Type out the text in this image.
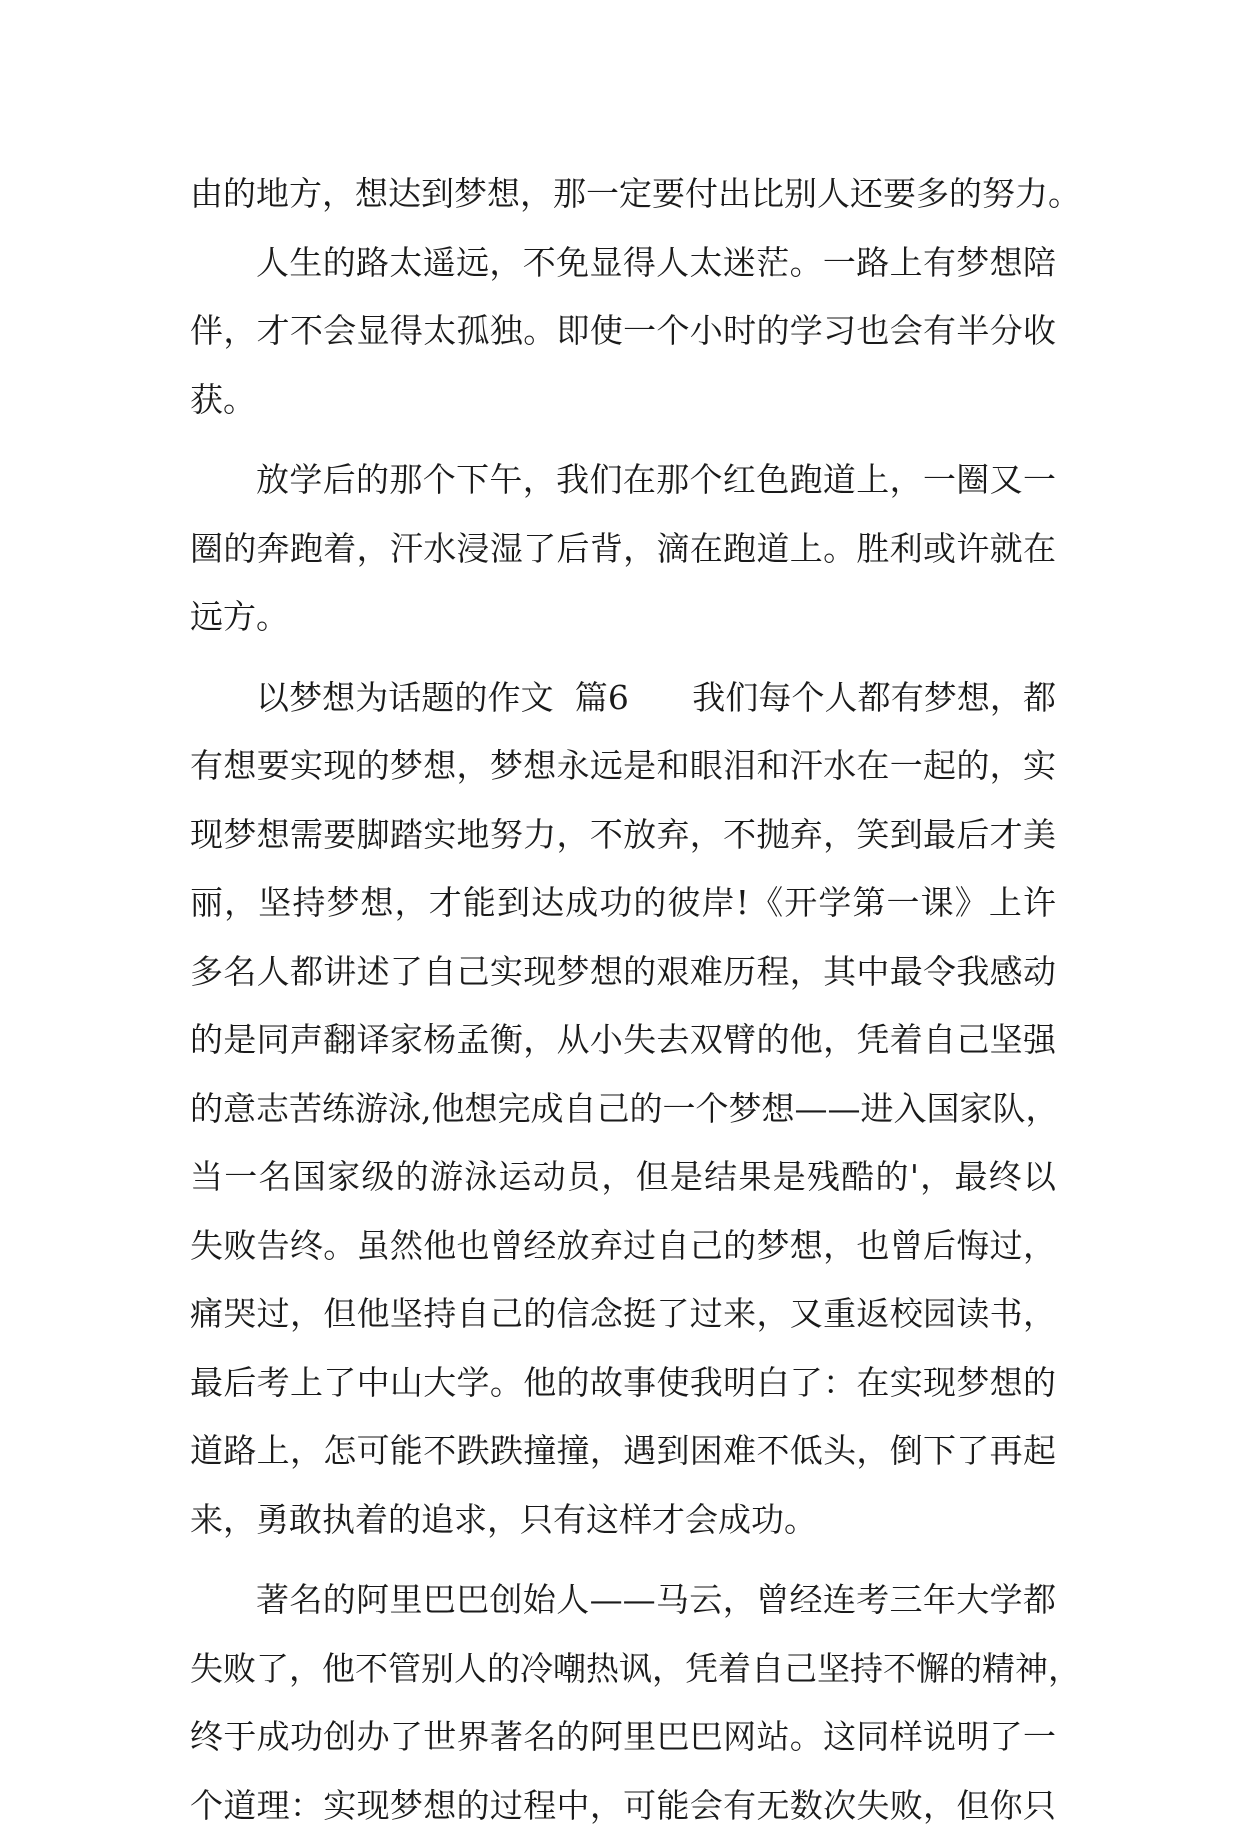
由的地方，想达到梦想，那一定要付出比别人还要多的努力。
人生的路太遥远，不免显得人太迷茫。一路上有梦想陪
伴，才不会显得太孤独。即使一个小时的学习也会有半分收
获。
放学后的那个下午，我们在那个红色跑道上，一圈又一
圈的奔跑着，汗水浸湿了后背，滴在跑道上。胜利或许就在
远方。
以梦想为话题的作文  篇6      我们每个人都有梦想，都
有想要实现的梦想，梦想永远是和眼泪和汗水在一起的，实
现梦想需要脚踏实地努力，不放弃，不抛弃，笑到最后才美
丽，坚持梦想，才能到达成功的彼岸!《开学第一课》上许
多名人都讲述了自己实现梦想的艰难历程，其中最令我感动
的是同声翻译家杨孟衡，从小失去双臂的他，凭着自己坚强
的意志苦练游泳,他想完成自己的一个梦想——进入国家队，
当一名国家级的游泳运动员，但是结果是残酷的'，最终以
失败告终。虽然他也曾经放弃过自己的梦想，也曾后悔过，
痛哭过，但他坚持自己的信念挺了过来，又重返校园读书，
最后考上了中山大学。他的故事使我明白了：在实现梦想的
道路上，怎可能不跌跌撞撞，遇到困难不低头，倒下了再起
来，勇敢执着的追求，只有这样才会成功。
著名的阿里巴巴创始人——马云，曾经连考三年大学都
失败了，他不管别人的冷嘲热讽，凭着自己坚持不懈的精神，
终于成功创办了世界著名的阿里巴巴网站。这同样说明了一
个道理：实现梦想的过程中，可能会有无数次失败，但你只
